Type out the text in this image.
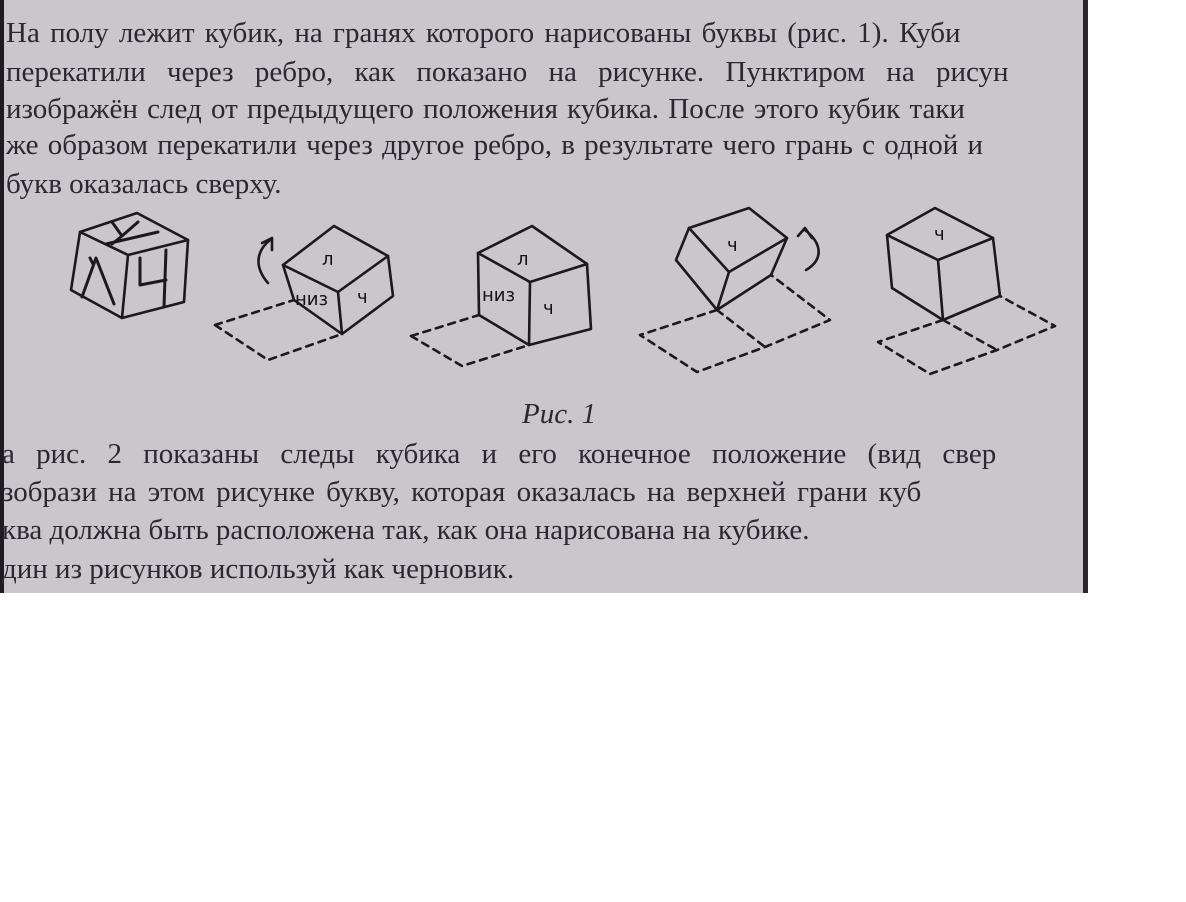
На полу лежит кубик, на гранях которого нарисованы буквы (рис. 1). Куби
перекатили через ребро, как показано на рисунке. Пунктиром на рисун
изображён след от предыдущего положения кубика. После этого кубик таки
же образом перекатили через другое ребро, в результате чего грань с одной и
букв оказалась сверху.
л
низ ч
л
низ
ч
ч
ч
Рис. 1
а рис. 2 показаны следы кубика и его конечное положение (вид свер
зобрази на этом рисунке букву, которая оказалась на верхней грани куб
ква должна быть расположена так, как она нарисована на кубике.
дин из рисунков используй как черновик.
